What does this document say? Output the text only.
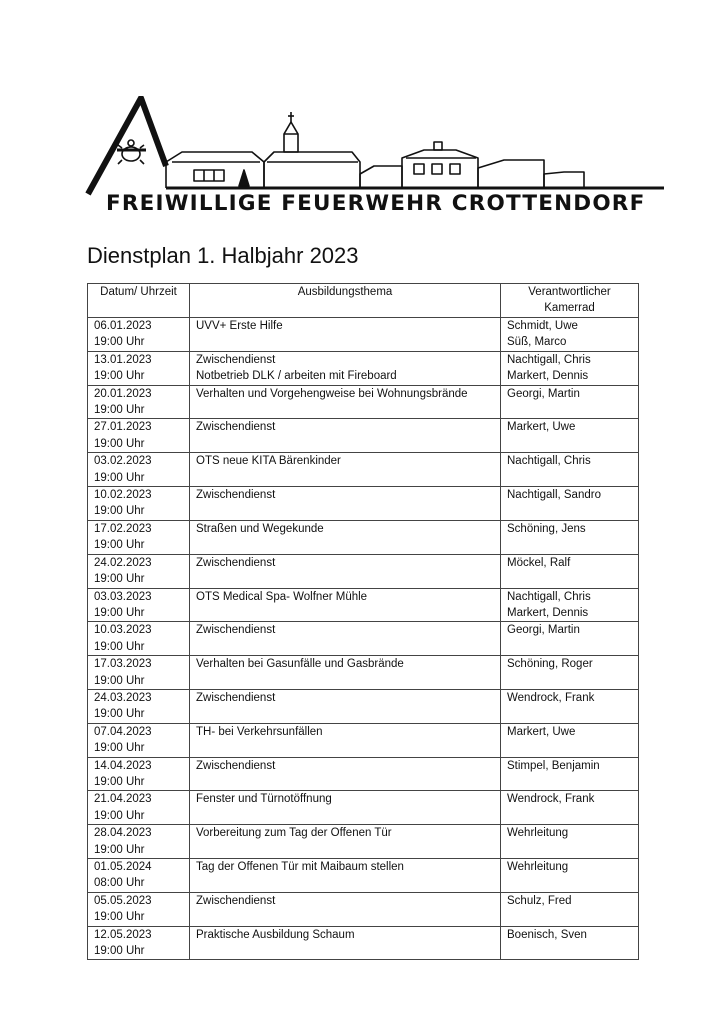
FREIWILLIGE FEUERWEHR CROTTENDORF
Dienstplan 1. Halbjahr 2023
Datum/ Uhrzeit	Ausbildungsthema	Verantwortlicher Kamerrad

06.01.2023
19:00 Uhr	UVV+ Erste Hilfe	Schmidt, Uwe
Süß, Marco

13.01.2023
19:00 Uhr	Zwischendienst
Notbetrieb DLK / arbeiten mit Fireboard	Nachtigall, Chris
Markert, Dennis

20.01.2023
19:00 Uhr	Verhalten und Vorgehengweise bei Wohnungsbrände	Georgi, Martin

27.01.2023
19:00 Uhr	Zwischendienst	Markert, Uwe

03.02.2023
19:00 Uhr	OTS neue KITA Bärenkinder	Nachtigall, Chris

10.02.2023
19:00 Uhr	Zwischendienst	Nachtigall, Sandro

17.02.2023
19:00 Uhr	Straßen und Wegekunde	Schöning, Jens

24.02.2023
19:00 Uhr	Zwischendienst	Möckel, Ralf

03.03.2023
19:00 Uhr	OTS Medical Spa- Wolfner Mühle	Nachtigall, Chris
Markert, Dennis

10.03.2023
19:00 Uhr	Zwischendienst	Georgi, Martin

17.03.2023
19:00 Uhr	Verhalten bei Gasunfälle und Gasbrände	Schöning, Roger

24.03.2023
19:00 Uhr	Zwischendienst	Wendrock, Frank

07.04.2023
19:00 Uhr	TH- bei Verkehrsunfällen	Markert, Uwe

14.04.2023
19:00 Uhr	Zwischendienst	Stimpel, Benjamin

21.04.2023
19:00 Uhr	Fenster und Türnotöffnung	Wendrock, Frank

28.04.2023
19:00 Uhr	Vorbereitung zum Tag der Offenen Tür	Wehrleitung

01.05.2024
08:00 Uhr	Tag der Offenen Tür mit Maibaum stellen	Wehrleitung

05.05.2023
19:00 Uhr	Zwischendienst	Schulz, Fred

12.05.2023
19:00 Uhr	Praktische Ausbildung Schaum	Boenisch, Sven
